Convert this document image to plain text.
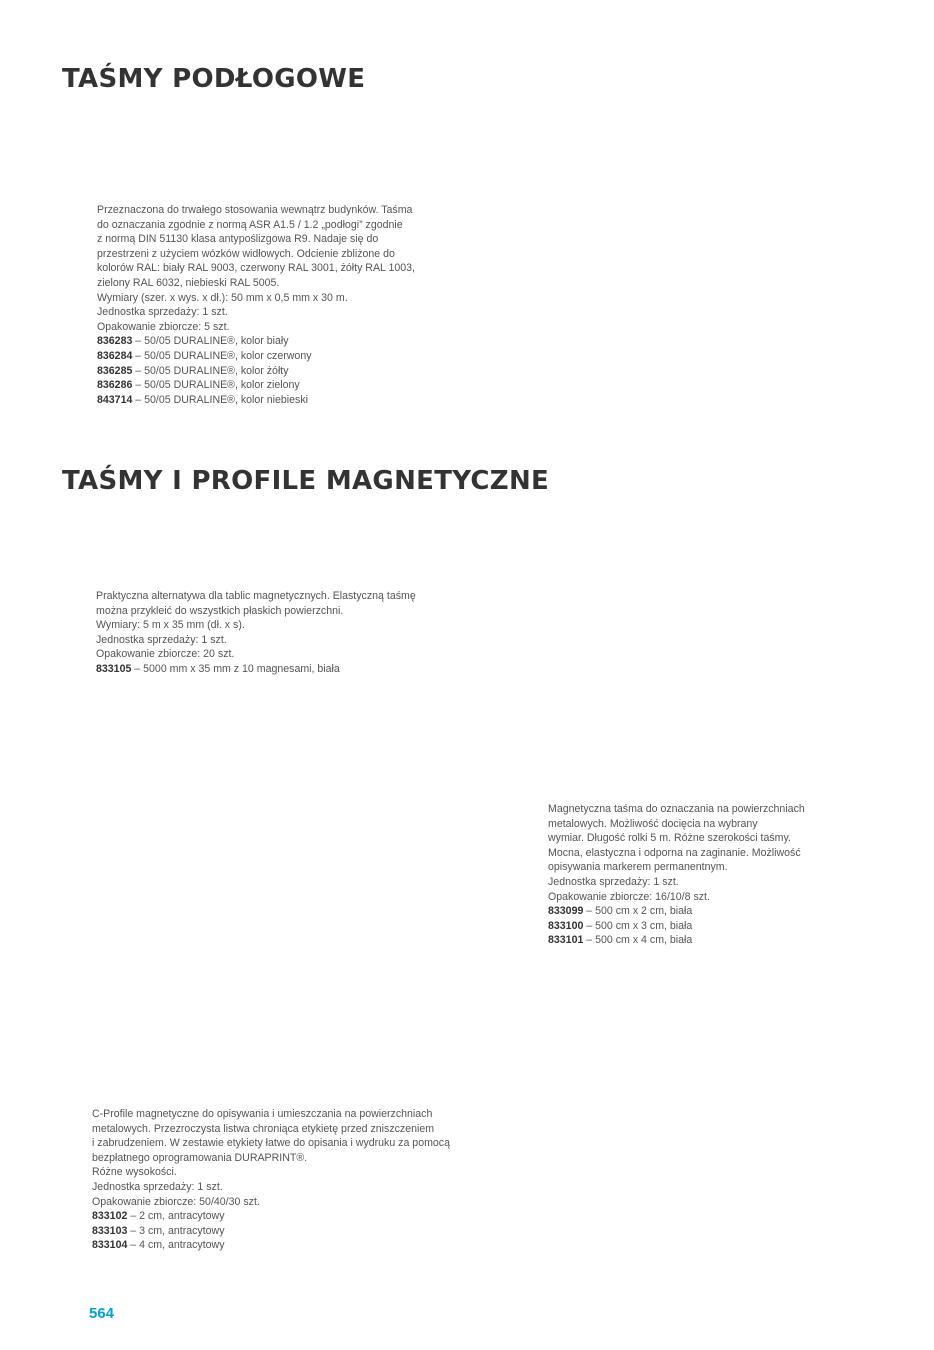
TAŚMY PODŁOGOWE

Przeznaczona do trwałego stosowania wewnątrz budynków. Taśma

do oznaczania zgodnie z normą ASR A1.5 / 1.2 „podłogi” zgodnie

z normą DIN 51130 klasa antypoślizgowa R9. Nadaje się do

przestrzeni z użyciem wózków widłowych. Odcienie zbliżone do

kolorów RAL: biały RAL 9003, czerwony RAL 3001, żółty RAL 1003,

zielony RAL 6032, niebieski RAL 5005.

Wymiary (szer. x wys. x dł.): 50 mm x 0,5 mm x 30 m.

Jednostka sprzedaży: 1 szt.

Opakowanie zbiorcze: 5 szt.

836283 – 50/05 DURALINE®, kolor biały
836284 – 50/05 DURALINE®, kolor czerwony
836285 – 50/05 DURALINE®, kolor żółty
836286 – 50/05 DURALINE®, kolor zielony
843714 – 50/05 DURALINE®, kolor niebieski
TAŚMY I PROFILE MAGNETYCZNE

Praktyczna alternatywa dla tablic magnetycznych. Elastyczną taśmę

można przykleić do wszystkich płaskich powierzchni.

Wymiary: 5 m x 35 mm (dł. x s).

Jednostka sprzedaży: 1 szt.

Opakowanie zbiorcze: 20 szt.

833105 – 5000 mm x 35 mm z 10 magnesami, biała

Magnetyczna taśma do oznaczania na powierzchniach

metalowych. Możliwość docięcia na wybrany

wymiar. Długość rolki 5 m. Różne szerokości taśmy.

Mocna, elastyczna i odporna na zaginanie. Możliwość

opisywania markerem permanentnym.

Jednostka sprzedaży: 1 szt.

Opakowanie zbiorcze: 16/10/8 szt.

833099 – 500 cm x 2 cm, biała
833100 – 500 cm x 3 cm, biała
833101 – 500 cm x 4 cm, biała

C-Profile magnetyczne do opisywania i umieszczania na powierzchniach

metalowych. Przezroczysta listwa chroniąca etykietę przed zniszczeniem

i zabrudzeniem. W zestawie etykiety łatwe do opisania i wydruku za pomocą

bezpłatnego oprogramowania DURAPRINT®.

Różne wysokości.

Jednostka sprzedaży: 1 szt.

Opakowanie zbiorcze: 50/40/30 szt.

833102 – 2 cm, antracytowy
833103 – 3 cm, antracytowy
833104 – 4 cm, antracytowy
564
